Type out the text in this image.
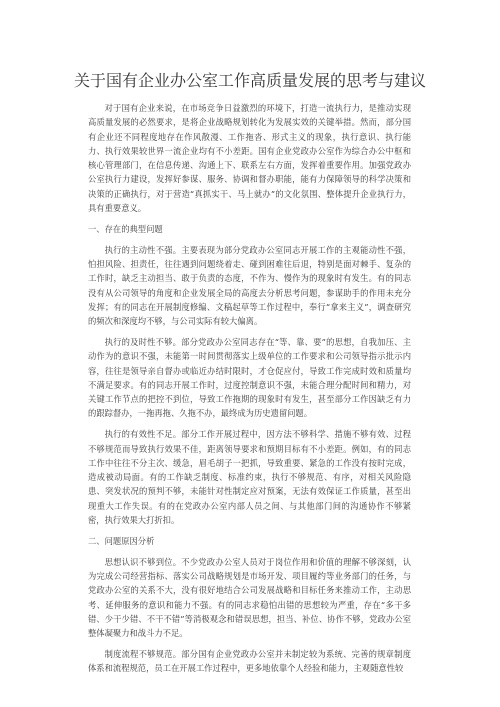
关于国有企业办公室工作高质量发展的思考与建议

对于国有企业来说，在市场竞争日益激烈的环境下，打造一流执行力，是推动实现高质量发展的必然要求，是将企业战略规划转化为发展实效的关键举措。然而，部分国有企业还不同程度地存在作风散漫、工作拖沓、形式主义的现象，执行意识、执行能力、执行效果较世界一流企业均有不小差距。国有企业党政办公室作为综合办公中枢和核心管理部门，在信息传递、沟通上下、联系左右方面，发挥着重要作用。加强党政办公室执行力建设，发挥好参谋、服务、协调和督办职能，能有力保障领导的科学决策和决策的正确执行，对于营造“真抓实干、马上就办”的文化氛围、整体提升企业执行力，具有重要意义。

一、存在的典型问题

执行的主动性不强。主要表现为部分党政办公室同志开展工作的主观能动性不强，怕担风险、担责任，往往遇到问题绕着走、碰到困难往后退，特别是面对棘手、复杂的工作时，缺乏主动担当、敢于负责的态度，不作为、慢作为的现象时有发生。有的同志没有从公司领导的角度和企业发展全局的高度去分析思考问题，参谋助手的作用未充分发挥；有的同志在开展制度修编、文稿起草等工作过程中，奉行“拿来主义”，调查研究的频次和深度均不够，与公司实际有较大偏离。

执行的及时性不够。部分党政办公室同志存在“等、靠、要”的思想，自我加压、主动作为的意识不强，未能第一时间贯彻落实上级单位的工作要求和公司领导指示批示内容，往往是领导亲自督办或临近办结时限时，才仓促应付，导致工作完成时效和质量均不满足要求。有的同志开展工作时，过度控制意识不强，未能合理分配时间和精力，对关键工作节点的把控不到位，导致工作拖期的现象时有发生，甚至部分工作因缺乏有力的跟踪督办，一拖再拖、久拖不办，最终成为历史遗留问题。

执行的有效性不足。部分工作开展过程中，因方法不够科学、措施不够有效、过程不够规范而导致执行效果不佳，距离领导要求和预期目标有不小差距。例如，有的同志工作中往往不分主次、缓急，眉毛胡子一把抓，导致重要、紧急的工作没有按时完成，造成被动局面。有的工作缺乏制度、标准约束，执行不够规范、有序，对相关风险隐患、突发状况的预判不够，未能针对性制定应对预案，无法有效保证工作质量，甚至出现重大工作失误。有的在党政办公室内部人员之间、与其他部门间的沟通协作不够紧密，执行效果大打折扣。

二、问题原因分析

思想认识不够到位。不少党政办公室人员对于岗位作用和价值的理解不够深刻，认为完成公司经营指标、落实公司战略规划是市场开发、项目履约等业务部门的任务，与党政办公室的关系不大，没有很好地结合公司发展战略和目标任务来推动工作，主动思考、延伸服务的意识和能力不强。有的同志求稳怕出错的思想较为严重，存在“多干多错、少干少错、不干不错”等消极观念和错误思想，担当、补位、协作不够，党政办公室整体凝聚力和战斗力不足。

制度流程不够规范。部分国有企业党政办公室并未制定较为系统、完善的规章制度体系和流程规范，员工在开展工作过程中，更多地依靠个人经验和能力，主观随意性较
